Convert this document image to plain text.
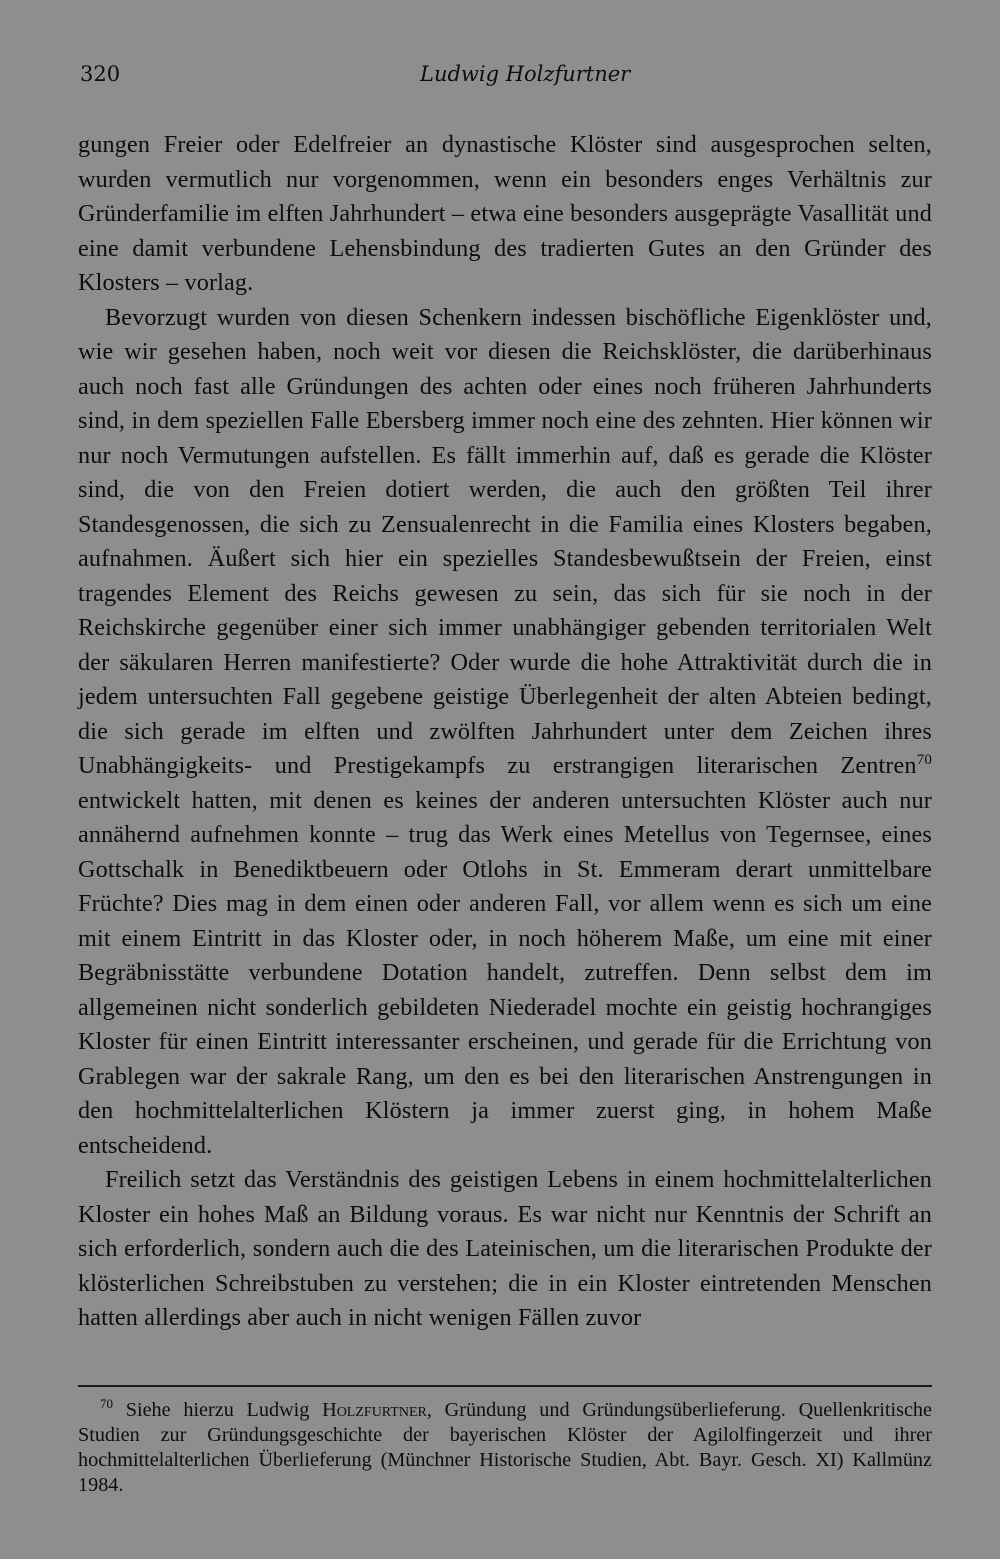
320	Ludwig Holzfurtner

gungen Freier oder Edelfreier an dynastische Klöster sind ausgesprochen selten, wurden vermutlich nur vorgenommen, wenn ein besonders enges Verhältnis zur Gründerfamilie im elften Jahrhundert – etwa eine besonders ausgeprägte Vasallität und eine damit verbundene Lehensbindung des tradierten Gutes an den Gründer des Klosters – vorlag.

Bevorzugt wurden von diesen Schenkern indessen bischöfliche Eigenklöster und, wie wir gesehen haben, noch weit vor diesen die Reichsklöster, die darüberhinaus auch noch fast alle Gründungen des achten oder eines noch früheren Jahrhunderts sind, in dem speziellen Falle Ebersberg immer noch eine des zehnten. Hier können wir nur noch Vermutungen aufstellen. Es fällt immerhin auf, daß es gerade die Klöster sind, die von den Freien dotiert werden, die auch den größten Teil ihrer Standesgenossen, die sich zu Zensualenrecht in die Familia eines Klosters begaben, aufnahmen. Äußert sich hier ein spezielles Standesbewußtsein der Freien, einst tragendes Element des Reichs gewesen zu sein, das sich für sie noch in der Reichskirche gegenüber einer sich immer unabhängiger gebenden territorialen Welt der säkularen Herren manifestierte? Oder wurde die hohe Attraktivität durch die in jedem untersuchten Fall gegebene geistige Überlegenheit der alten Abteien bedingt, die sich gerade im elften und zwölften Jahrhundert unter dem Zeichen ihres Unabhängigkeits- und Prestigekampfs zu erstrangigen literarischen Zentren$^{70}$ entwickelt hatten, mit denen es keines der anderen untersuchten Klöster auch nur annähernd aufnehmen konnte – trug das Werk eines Metellus von Tegernsee, eines Gottschalk in Benediktbeuern oder Otlohs in St. Emmeram derart unmittelbare Früchte? Dies mag in dem einen oder anderen Fall, vor allem wenn es sich um eine mit einem Eintritt in das Kloster oder, in noch höherem Maße, um eine mit einer Begräbnisstätte verbundene Dotation handelt, zutreffen. Denn selbst dem im allgemeinen nicht sonderlich gebildeten Niederadel mochte ein geistig hochrangiges Kloster für einen Eintritt interessanter erscheinen, und gerade für die Errichtung von Grablegen war der sakrale Rang, um den es bei den literarischen Anstrengungen in den hochmittelalterlichen Klöstern ja immer zuerst ging, in hohem Maße entscheidend.

Freilich setzt das Verständnis des geistigen Lebens in einem hochmittelalterlichen Kloster ein hohes Maß an Bildung voraus. Es war nicht nur Kenntnis der Schrift an sich erforderlich, sondern auch die des Lateinischen, um die literarischen Produkte der klösterlichen Schreibstuben zu verstehen; die in ein Kloster eintretenden Menschen hatten allerdings aber auch in nicht wenigen Fällen zuvor

$^{70}$ Siehe hierzu Ludwig Holzfurtner, Gründung und Gründungsüberlieferung. Quellenkritische Studien zur Gründungsgeschichte der bayerischen Klöster der Agilolfingerzeit und ihrer hochmittelalterlichen Überlieferung (Münchner Historische Studien, Abt. Bayr. Gesch. XI) Kallmünz 1984.
